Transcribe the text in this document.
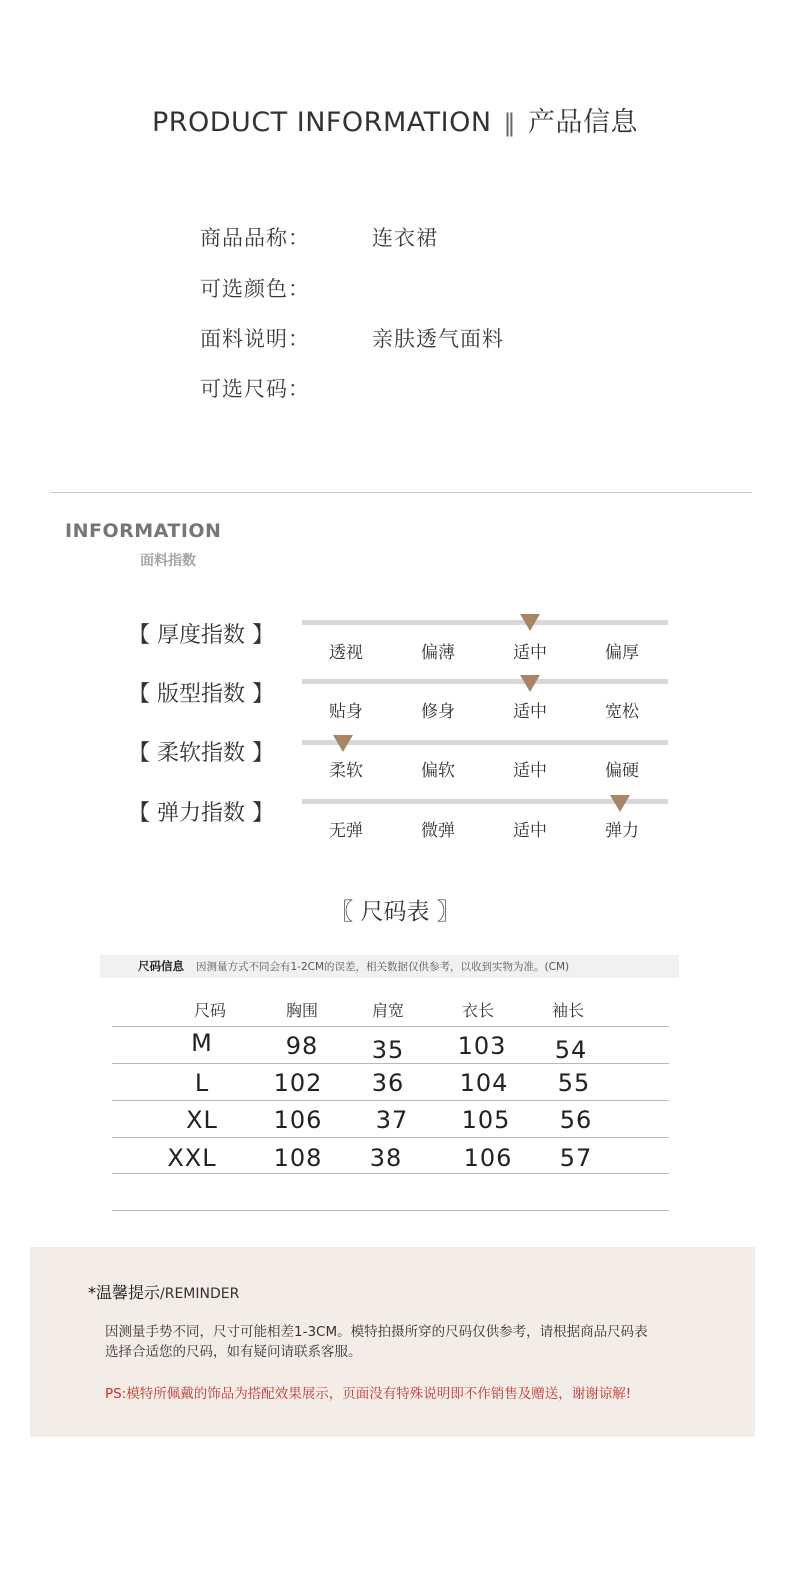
PRODUCT INFORMATION ‖ 产品信息
商品品称：	连衣裙
可选颜色：
面料说明：	亲肤透气面料
可选尺码：
INFORMATION
面料指数
【 厚度指数 】
透视	偏薄	适中	偏厚
【 版型指数 】
贴身	修身	适中	宽松
【 柔软指数 】
柔软	偏软	适中	偏硬
【 弹力指数 】
无弹	微弹	适中	弹力
〖 尺码表 〗
尺码信息 因测量方式不同会有1-2CM的误差，相关数据仅供参考，以收到实物为准。(CM)
尺码	胸围	肩宽	衣长	袖长
M	98	35	103	54
L	102	36	104	55
XL	106	37	105	56
XXL	108	38	106	57
*温馨提示/REMINDER
因测量手势不同，尺寸可能相差1-3CM。模特拍摄所穿的尺码仅供参考，请根据商品尺码表
选择合适您的尺码，如有疑问请联系客服。
PS:模特所佩戴的饰品为搭配效果展示，页面没有特殊说明即不作销售及赠送，谢谢谅解!
